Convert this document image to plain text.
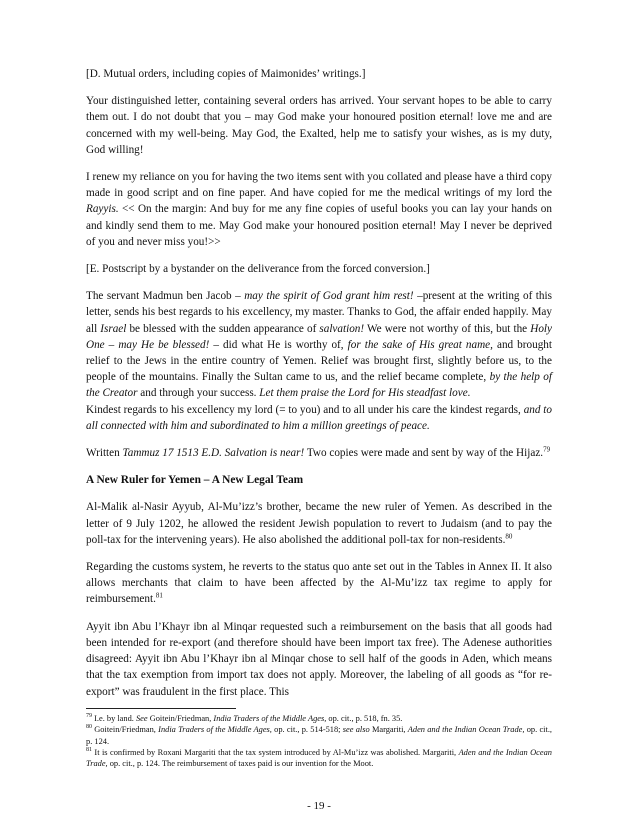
[D. Mutual orders, including copies of Maimonides’ writings.]

Your distinguished letter, containing several orders has arrived. Your servant hopes to be able to carry them out. I do not doubt that you – may God make your honoured position eternal! love me and are concerned with my well-being. May God, the Exalted, help me to satisfy your wishes, as is my duty, God willing!

I renew my reliance on you for having the two items sent with you collated and please have a third copy made in good script and on fine paper. And have copied for me the medical writings of my lord the Rayyis. << On the margin: And buy for me any fine copies of useful books you can lay your hands on and kindly send them to me. May God make your honoured position eternal! May I never be deprived of you and never miss you!>>

[E. Postscript by a bystander on the deliverance from the forced conversion.]

The servant Madmun ben Jacob – may the spirit of God grant him rest! –present at the writing of this letter, sends his best regards to his excellency, my master. Thanks to God, the affair ended happily. May all Israel be blessed with the sudden appearance of salvation! We were not worthy of this, but the Holy One – may He be blessed! – did what He is worthy of, for the sake of His great name, and brought relief to the Jews in the entire country of Yemen. Relief was brought first, slightly before us, to the people of the mountains. Finally the Sultan came to us, and the relief became complete, by the help of the Creator and through your success. Let them praise the Lord for His steadfast love.

Kindest regards to his excellency my lord (= to you) and to all under his care the kindest regards, and to all connected with him and subordinated to him a million greetings of peace.

Written Tammuz 17 1513 E.D. Salvation is near! Two copies were made and sent by way of the Hijaz.$^{79}$

A New Ruler for Yemen – A New Legal Team

Al-Malik al-Nasir Ayyub, Al-Mu’izz’s brother, became the new ruler of Yemen. As described in the letter of 9 July 1202, he allowed the resident Jewish population to revert to Judaism (and to pay the poll-tax for the intervening years). He also abolished the additional poll-tax for non-residents.$^{80}$

Regarding the customs system, he reverts to the status quo ante set out in the Tables in Annex II. It also allows merchants that claim to have been affected by the Al-Mu’izz tax regime to apply for reimbursement.$^{81}$

Ayyit ibn Abu l’Khayr ibn al Minqar requested such a reimbursement on the basis that all goods had been intended for re-export (and therefore should have been import tax free). The Adenese authorities disagreed: Ayyit ibn Abu l’Khayr ibn al Minqar chose to sell half of the goods in Aden, which means that the tax exemption from import tax does not apply. Moreover, the labeling of all goods as “for re-export” was fraudulent in the first place. This

$^{79}$ I.e. by land. See Goitein/Friedman, India Traders of the Middle Ages, op. cit., p. 518, fn. 35.

$^{80}$ Goitein/Friedman, India Traders of the Middle Ages, op. cit., p. 514-518; see also Margariti, Aden and the Indian Ocean Trade, op. cit., p. 124.

$^{81}$ It is confirmed by Roxani Margariti that the tax system introduced by Al-Mu’izz was abolished. Margariti, Aden and the Indian Ocean Trade, op. cit., p. 124. The reimbursement of taxes paid is our invention for the Moot.

- 19 -
